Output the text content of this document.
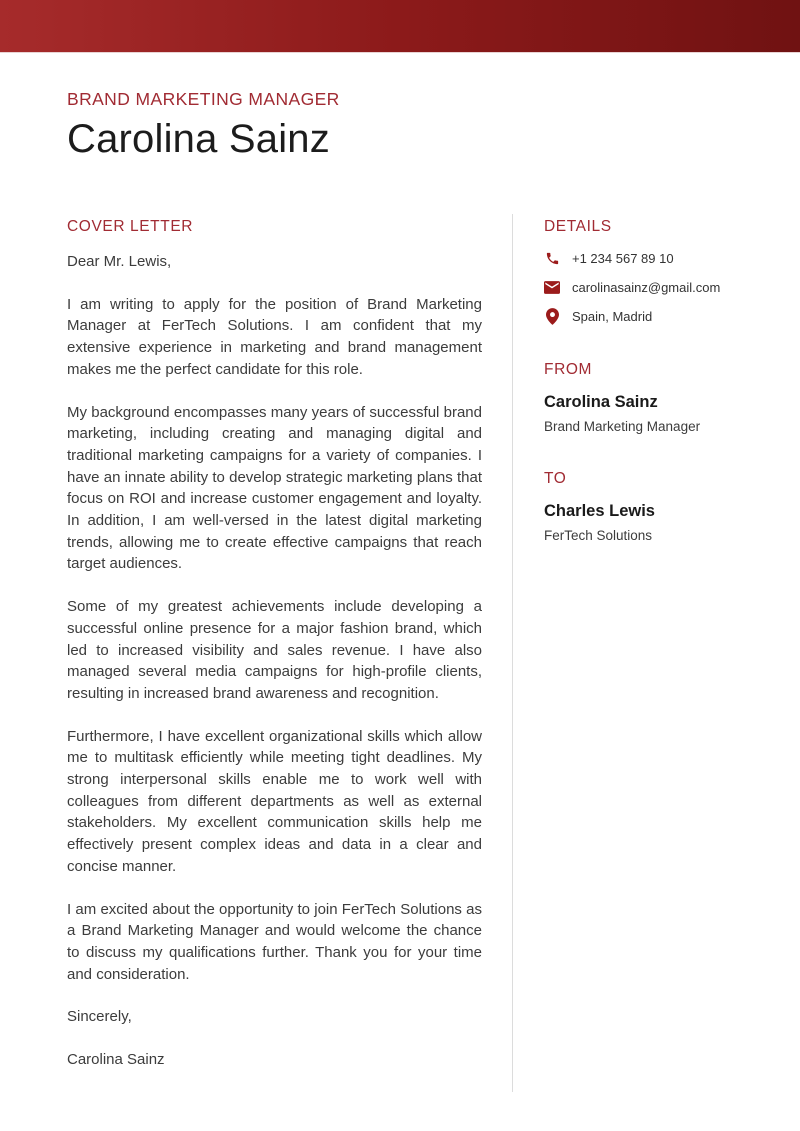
BRAND MARKETING MANAGER
Carolina Sainz
COVER LETTER

Dear Mr. Lewis,

I am writing to apply for the position of Brand Marketing Manager at FerTech Solutions. I am confident that my extensive experience in marketing and brand management makes me the perfect candidate for this role.

My background encompasses many years of successful brand marketing, including creating and managing digital and traditional marketing campaigns for a variety of companies. I have an innate ability to develop strategic marketing plans that focus on ROI and increase customer engagement and loyalty. In addition, I am well-versed in the latest digital marketing trends, allowing me to create effective campaigns that reach target audiences.

Some of my greatest achievements include developing a successful online presence for a major fashion brand, which led to increased visibility and sales revenue. I have also managed several media campaigns for high-profile clients, resulting in increased brand awareness and recognition.

Furthermore, I have excellent organizational skills which allow me to multitask efficiently while meeting tight deadlines. My strong interpersonal skills enable me to work well with colleagues from different departments as well as external stakeholders. My excellent communication skills help me effectively present complex ideas and data in a clear and concise manner.

I am excited about the opportunity to join FerTech Solutions as a Brand Marketing Manager and would welcome the chance to discuss my qualifications further. Thank you for your time and consideration.

Sincerely,

Carolina Sainz

DETAILS
+1 234 567 89 10
carolinasainz@gmail.com
Spain, Madrid
FROM
Carolina Sainz
Brand Marketing Manager
TO
Charles Lewis
FerTech Solutions
